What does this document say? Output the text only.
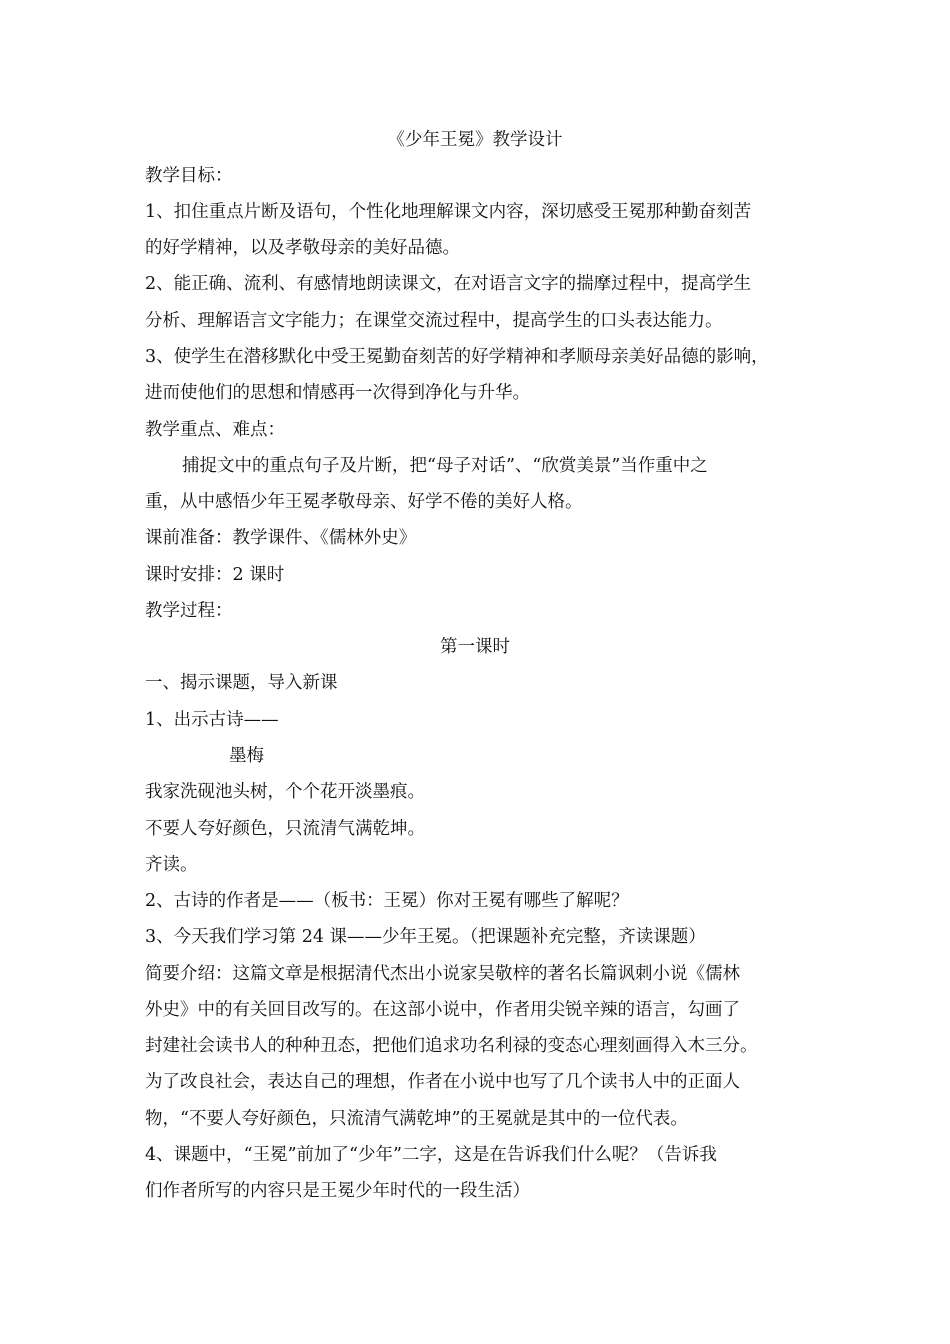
《少年王冕》教学设计
教学目标：
1、扣住重点片断及语句，个性化地理解课文内容，深切感受王冕那种勤奋刻苦
的好学精神，以及孝敬母亲的美好品德。
2、能正确、流利、有感情地朗读课文，在对语言文字的揣摩过程中，提高学生
分析、理解语言文字能力；在课堂交流过程中，提高学生的口头表达能力。
3、使学生在潜移默化中受王冕勤奋刻苦的好学精神和孝顺母亲美好品德的影响，
进而使他们的思想和情感再一次得到净化与升华。
教学重点、难点：
捕捉文中的重点句子及片断，把“母子对话”、“欣赏美景”当作重中之
重，从中感悟少年王冕孝敬母亲、好学不倦的美好人格。
课前准备：教学课件、《儒林外史》
课时安排：2 课时
教学过程：
第一课时
一、揭示课题，导入新课
1、出示古诗——
墨梅
我家洗砚池头树，个个花开淡墨痕。
不要人夸好颜色，只流清气满乾坤。
齐读。
2、古诗的作者是——（板书：王冕）你对王冕有哪些了解呢？
3、今天我们学习第 24 课——少年王冕。（把课题补充完整，齐读课题）
简要介绍：这篇文章是根据清代杰出小说家吴敬梓的著名长篇讽刺小说《儒林
外史》中的有关回目改写的。在这部小说中，作者用尖锐辛辣的语言，勾画了
封建社会读书人的种种丑态，把他们追求功名利禄的变态心理刻画得入木三分。
为了改良社会，表达自己的理想，作者在小说中也写了几个读书人中的正面人
物，“不要人夸好颜色，只流清气满乾坤”的王冕就是其中的一位代表。
4、课题中，“王冕”前加了“少年”二字，这是在告诉我们什么呢？（告诉我
们作者所写的内容只是王冕少年时代的一段生活）
